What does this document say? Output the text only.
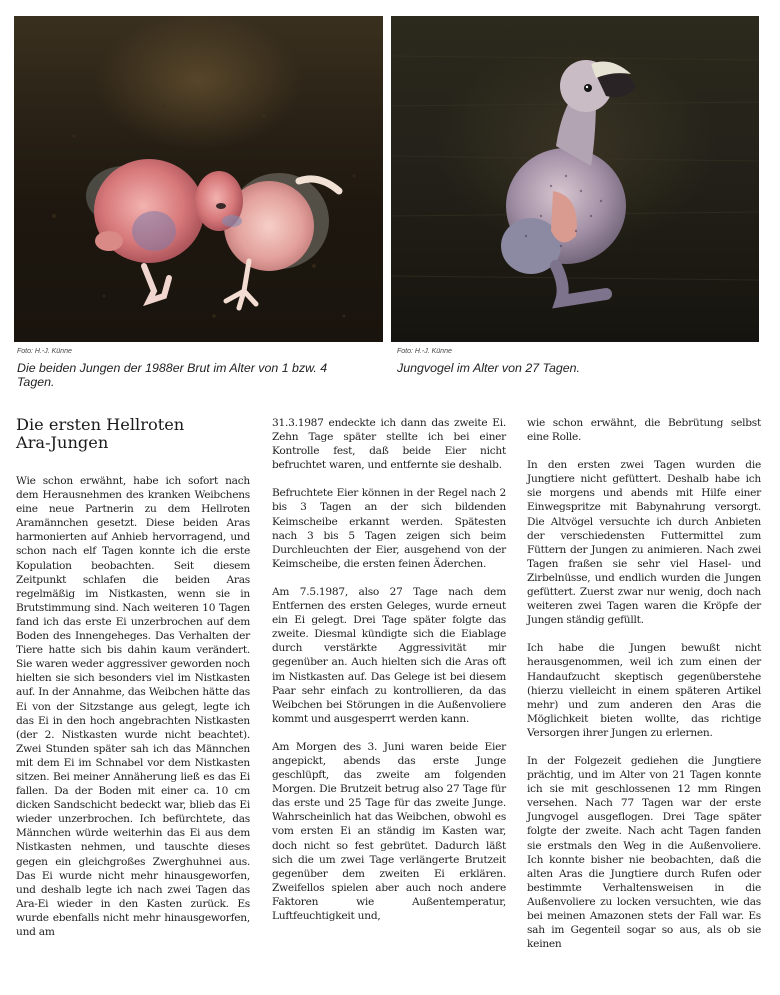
Foto: H.-J. Künne	Foto: H.-J. Künne
Die beiden Jungen der 1988er Brut im Alter von 1 bzw. 4 Tagen.
Jungvogel im Alter von 27 Tagen.
Die ersten Hellroten
Ara-Jungen

Wie schon erwähnt, habe ich sofort nach dem Herausnehmen des kranken Weibchens eine neue Partnerin zu dem Hellroten Aramännchen gesetzt. Diese beiden Aras harmonierten auf Anhieb hervorragend, und schon nach elf Tagen konnte ich die erste Kopulation beobachten. Seit diesem Zeitpunkt schlafen die beiden Aras regelmäßig im Nistkasten, wenn sie in Brutstimmung sind. Nach weiteren 10 Tagen fand ich das erste Ei unzerbrochen auf dem Boden des Innengeheges. Das Verhalten der Tiere hatte sich bis dahin kaum verändert. Sie waren weder aggressiver geworden noch hielten sie sich besonders viel im Nistkasten auf. In der Annahme, das Weibchen hätte das Ei von der Sitzstange aus gelegt, legte ich das Ei in den hoch angebrachten Nistkasten (der 2. Nistkasten wurde nicht beachtet). Zwei Stunden später sah ich das Männchen mit dem Ei im Schnabel vor dem Nistkasten sitzen. Bei meiner Annäherung ließ es das Ei fallen. Da der Boden mit einer ca. 10 cm dicken Sandschicht bedeckt war, blieb das Ei wieder unzerbrochen. Ich befürchtete, das Männchen würde weiterhin das Ei aus dem Nistkasten nehmen, und tauschte dieses gegen ein gleichgroßes Zwerghuhnei aus. Das Ei wurde nicht mehr hinausgeworfen, und deshalb legte ich nach zwei Tagen das Ara-Ei wieder in den Kasten zurück. Es wurde ebenfalls nicht mehr hinausgeworfen, und am

31.3.1987 endeckte ich dann das zweite Ei. Zehn Tage später stellte ich bei einer Kontrolle fest, daß beide Eier nicht befruchtet waren, und entfernte sie deshalb.

Befruchtete Eier können in der Regel nach 2 bis 3 Tagen an der sich bildenden Keimscheibe erkannt werden. Spätesten nach 3 bis 5 Tagen zeigen sich beim Durchleuchten der Eier, ausgehend von der Keimscheibe, die ersten feinen Äderchen.

Am 7.5.1987, also 27 Tage nach dem Entfernen des ersten Geleges, wurde erneut ein Ei gelegt. Drei Tage später folgte das zweite. Diesmal kündigte sich die Eiablage durch verstärkte Aggressivität mir gegenüber an. Auch hielten sich die Aras oft im Nistkasten auf. Das Gelege ist bei diesem Paar sehr einfach zu kontrollieren, da das Weibchen bei Störungen in die Außenvoliere kommt und ausgesperrt werden kann.

Am Morgen des 3. Juni waren beide Eier angepickt, abends das erste Junge geschlüpft, das zweite am folgenden Morgen. Die Brutzeit betrug also 27 Tage für das erste und 25 Tage für das zweite Junge. Wahrscheinlich hat das Weibchen, obwohl es vom ersten Ei an ständig im Kasten war, doch nicht so fest gebrütet. Dadurch läßt sich die um zwei Tage verlängerte Brutzeit gegenüber dem zweiten Ei erklären. Zweifellos spielen aber auch noch andere Faktoren wie Außentemperatur, Luftfeuchtigkeit und,

wie schon erwähnt, die Bebrütung selbst eine Rolle.

In den ersten zwei Tagen wurden die Jungtiere nicht gefüttert. Deshalb habe ich sie morgens und abends mit Hilfe einer Einwegspritze mit Babynahrung versorgt. Die Altvögel versuchte ich durch Anbieten der verschiedensten Futtermittel zum Füttern der Jungen zu animieren. Nach zwei Tagen fraßen sie sehr viel Hasel- und Zirbelnüsse, und endlich wurden die Jungen gefüttert. Zuerst zwar nur wenig, doch nach weiteren zwei Tagen waren die Kröpfe der Jungen ständig gefüllt.

Ich habe die Jungen bewußt nicht herausgenommen, weil ich zum einen der Handaufzucht skeptisch gegenüberstehe (hierzu vielleicht in einem späteren Artikel mehr) und zum anderen den Aras die Möglichkeit bieten wollte, das richtige Versorgen ihrer Jungen zu erlernen.

In der Folgezeit gediehen die Jungtiere prächtig, und im Alter von 21 Tagen konnte ich sie mit geschlossenen 12 mm Ringen versehen. Nach 77 Tagen war der erste Jungvogel ausgeflogen. Drei Tage später folgte der zweite. Nach acht Tagen fanden sie erstmals den Weg in die Außenvoliere. Ich konnte bisher nie beobachten, daß die alten Aras die Jungtiere durch Rufen oder bestimmte Verhaltensweisen in die Außenvoliere zu locken versuchten, wie das bei meinen Amazonen stets der Fall war. Es sah im Gegenteil sogar so aus, als ob sie keinen
